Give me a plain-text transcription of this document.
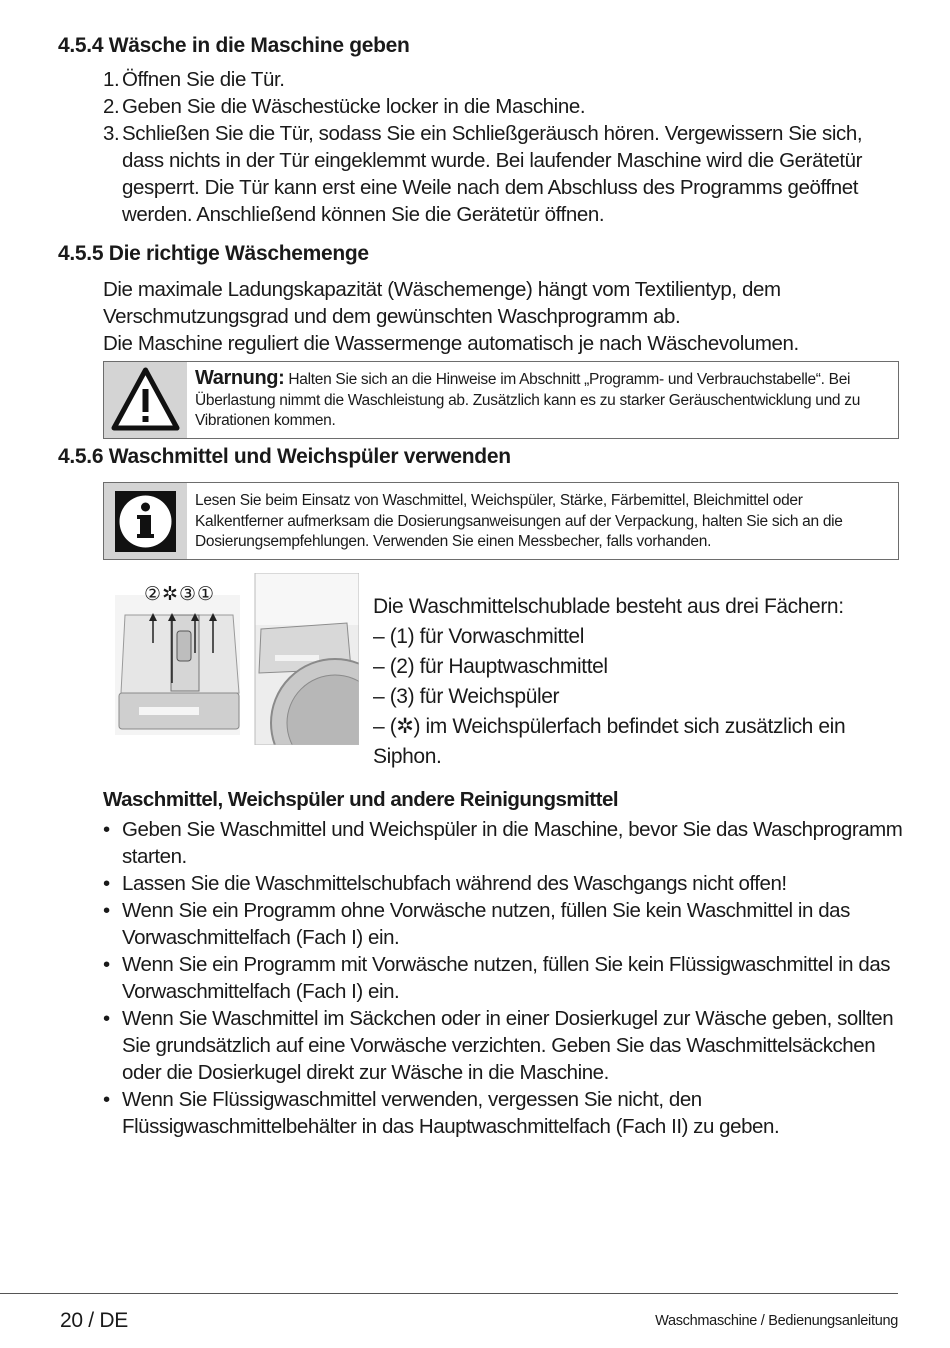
4.5.4 Wäsche in die Maschine geben
1. Öffnen Sie die Tür.
2. Geben Sie die Wäschestücke locker in die Maschine.
3. Schließen Sie die Tür, sodass Sie ein Schließgeräusch hören. Vergewissern Sie sich, dass nichts in der Tür eingeklemmt wurde. Bei laufender Maschine wird die Gerätetür gesperrt. Die Tür kann erst eine Weile nach dem Abschluss des Programms geöffnet werden. Anschließend können Sie die Gerätetür öffnen.
4.5.5 Die richtige Wäschemenge
Die maximale Ladungskapazität (Wäschemenge) hängt vom Textilientyp, dem Verschmutzungsgrad und dem gewünschten Waschprogramm ab.
Die Maschine reguliert die Wassermenge automatisch je nach Wäschevolumen.
Warnung: Halten Sie sich an die Hinweise im Abschnitt „Programm- und Verbrauchstabelle“. Bei Überlastung nimmt die Waschleistung ab. Zusätzlich kann es zu starker Geräuschentwicklung und zu Vibrationen kommen.
4.5.6 Waschmittel und Weichspüler verwenden
Lesen Sie beim Einsatz von Waschmittel, Weichspüler, Stärke, Färbemittel, Bleichmittel oder Kalkentferner aufmerksam die Dosierungsanweisungen auf der Verpackung, halten Sie sich an die Dosierungsempfehlungen. Verwenden Sie einen Messbecher, falls vorhanden.
②✲③①
Die Waschmittelschublade besteht aus drei Fächern:
– (1) für Vorwaschmittel
– (2) für Hauptwaschmittel
– (3) für Weichspüler
– (✲) im Weichspülerfach befindet sich zusätzlich ein Siphon.
Waschmittel, Weichspüler und andere Reinigungsmittel
• Geben Sie Waschmittel und Weichspüler in die Maschine, bevor Sie das Waschprogramm starten.
• Lassen Sie die Waschmittelschubfach während des Waschgangs nicht offen!
• Wenn Sie ein Programm ohne Vorwäsche nutzen, füllen Sie kein Waschmittel in das Vorwaschmittelfach (Fach I) ein.
• Wenn Sie ein Programm mit Vorwäsche nutzen, füllen Sie kein Flüssigwaschmittel in das Vorwaschmittelfach (Fach I) ein.
• Wenn Sie Waschmittel im Säckchen oder in einer Dosierkugel zur Wäsche geben, sollten Sie grundsätzlich auf eine Vorwäsche verzichten. Geben Sie das Waschmittelsäckchen oder die Dosierkugel direkt zur Wäsche in die Maschine.
• Wenn Sie Flüssigwaschmittel verwenden, vergessen Sie nicht, den Flüssigwaschmittelbehälter in das Hauptwaschmittelfach (Fach II) zu geben.
20 / DE	Waschmaschine / Bedienungsanleitung
